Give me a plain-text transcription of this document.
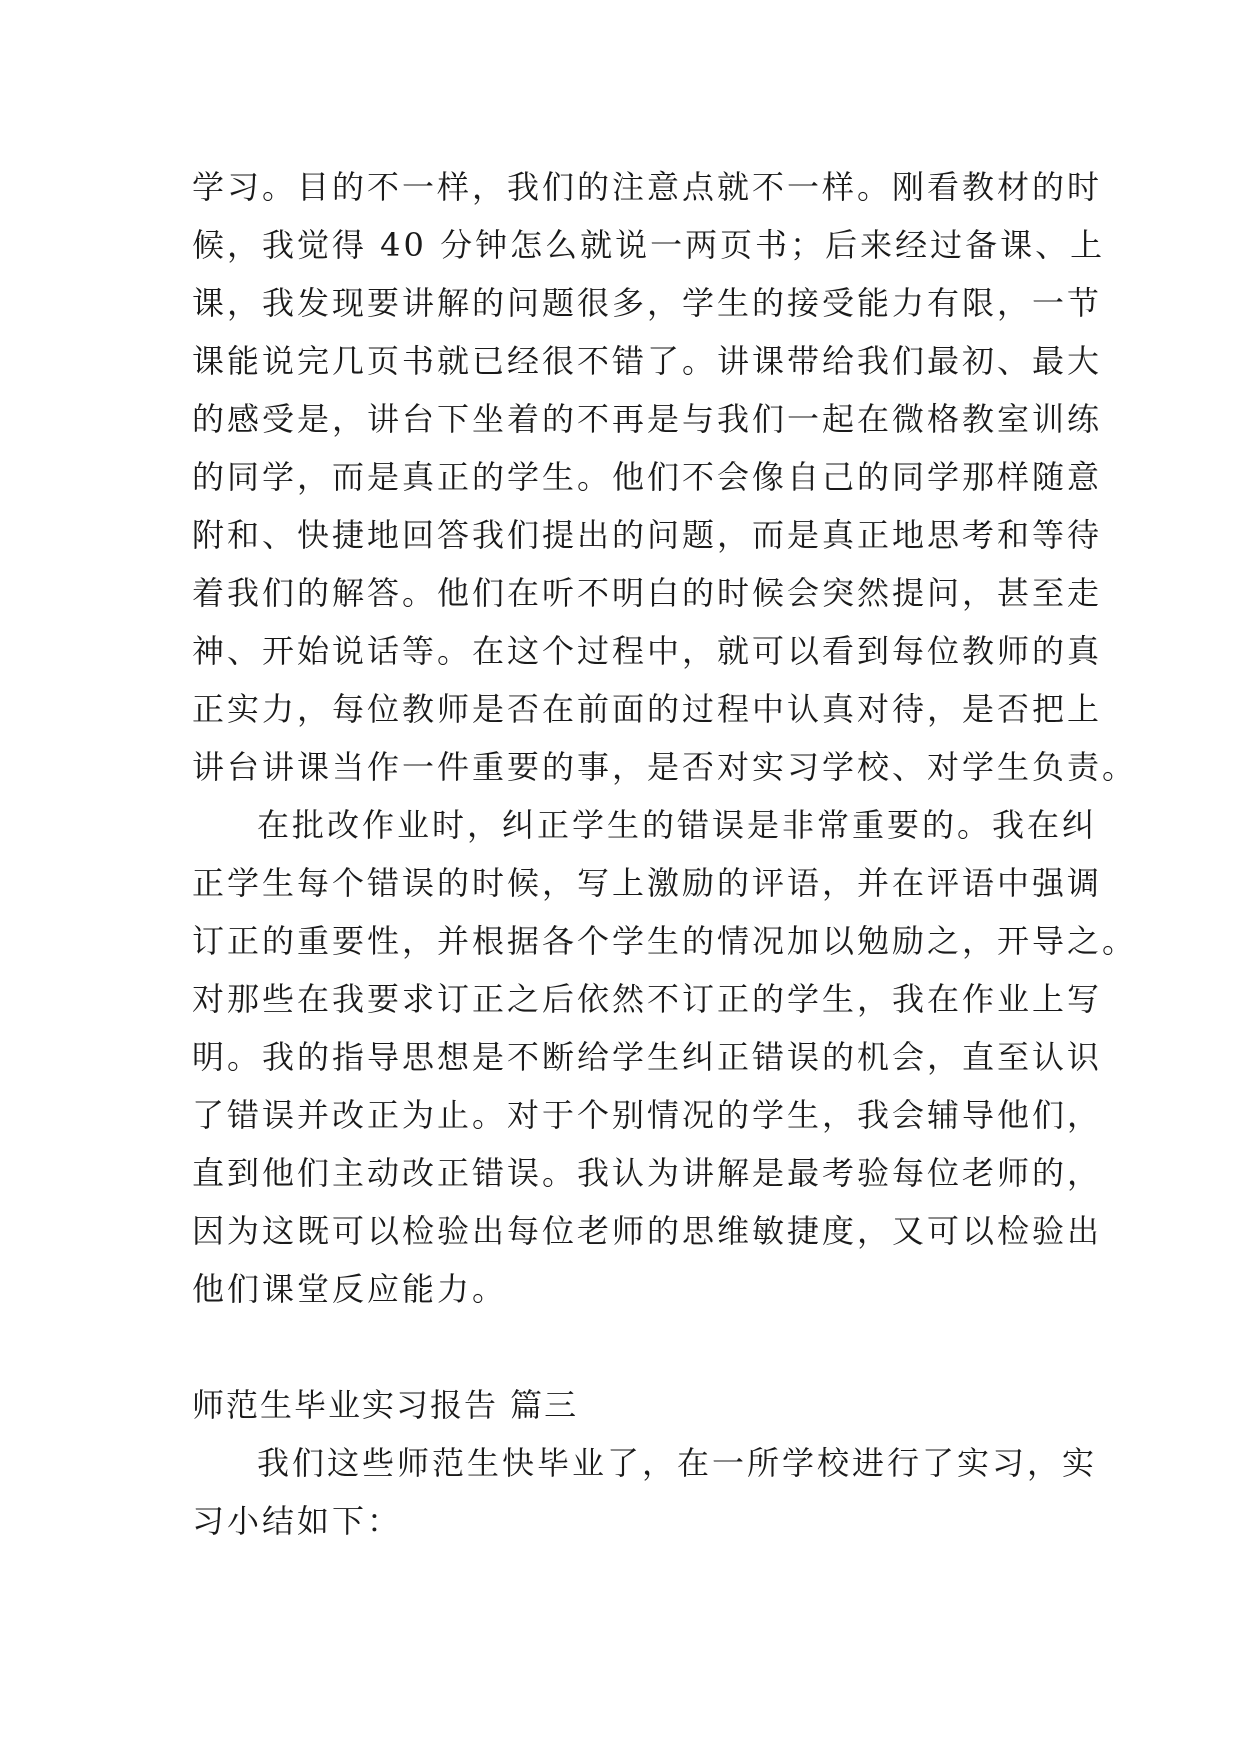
学习。目的不一样，我们的注意点就不一样。刚看教材的时
候，我觉得 40 分钟怎么就说一两页书；后来经过备课、上
课，我发现要讲解的问题很多，学生的接受能力有限，一节
课能说完几页书就已经很不错了。讲课带给我们最初、最大
的感受是，讲台下坐着的不再是与我们一起在微格教室训练
的同学，而是真正的学生。他们不会像自己的同学那样随意
附和、快捷地回答我们提出的问题，而是真正地思考和等待
着我们的解答。他们在听不明白的时候会突然提问，甚至走
神、开始说话等。在这个过程中，就可以看到每位教师的真
正实力，每位教师是否在前面的过程中认真对待，是否把上
讲台讲课当作一件重要的事，是否对实习学校、对学生负责。
在批改作业时，纠正学生的错误是非常重要的。我在纠
正学生每个错误的时候，写上激励的评语，并在评语中强调
订正的重要性，并根据各个学生的情况加以勉励之，开导之。
对那些在我要求订正之后依然不订正的学生，我在作业上写
明。我的指导思想是不断给学生纠正错误的机会，直至认识
了错误并改正为止。对于个别情况的学生，我会辅导他们，
直到他们主动改正错误。我认为讲解是最考验每位老师的，
因为这既可以检验出每位老师的思维敏捷度，又可以检验出
他们课堂反应能力。
师范生毕业实习报告 篇三
我们这些师范生快毕业了，在一所学校进行了实习，实
习小结如下：
